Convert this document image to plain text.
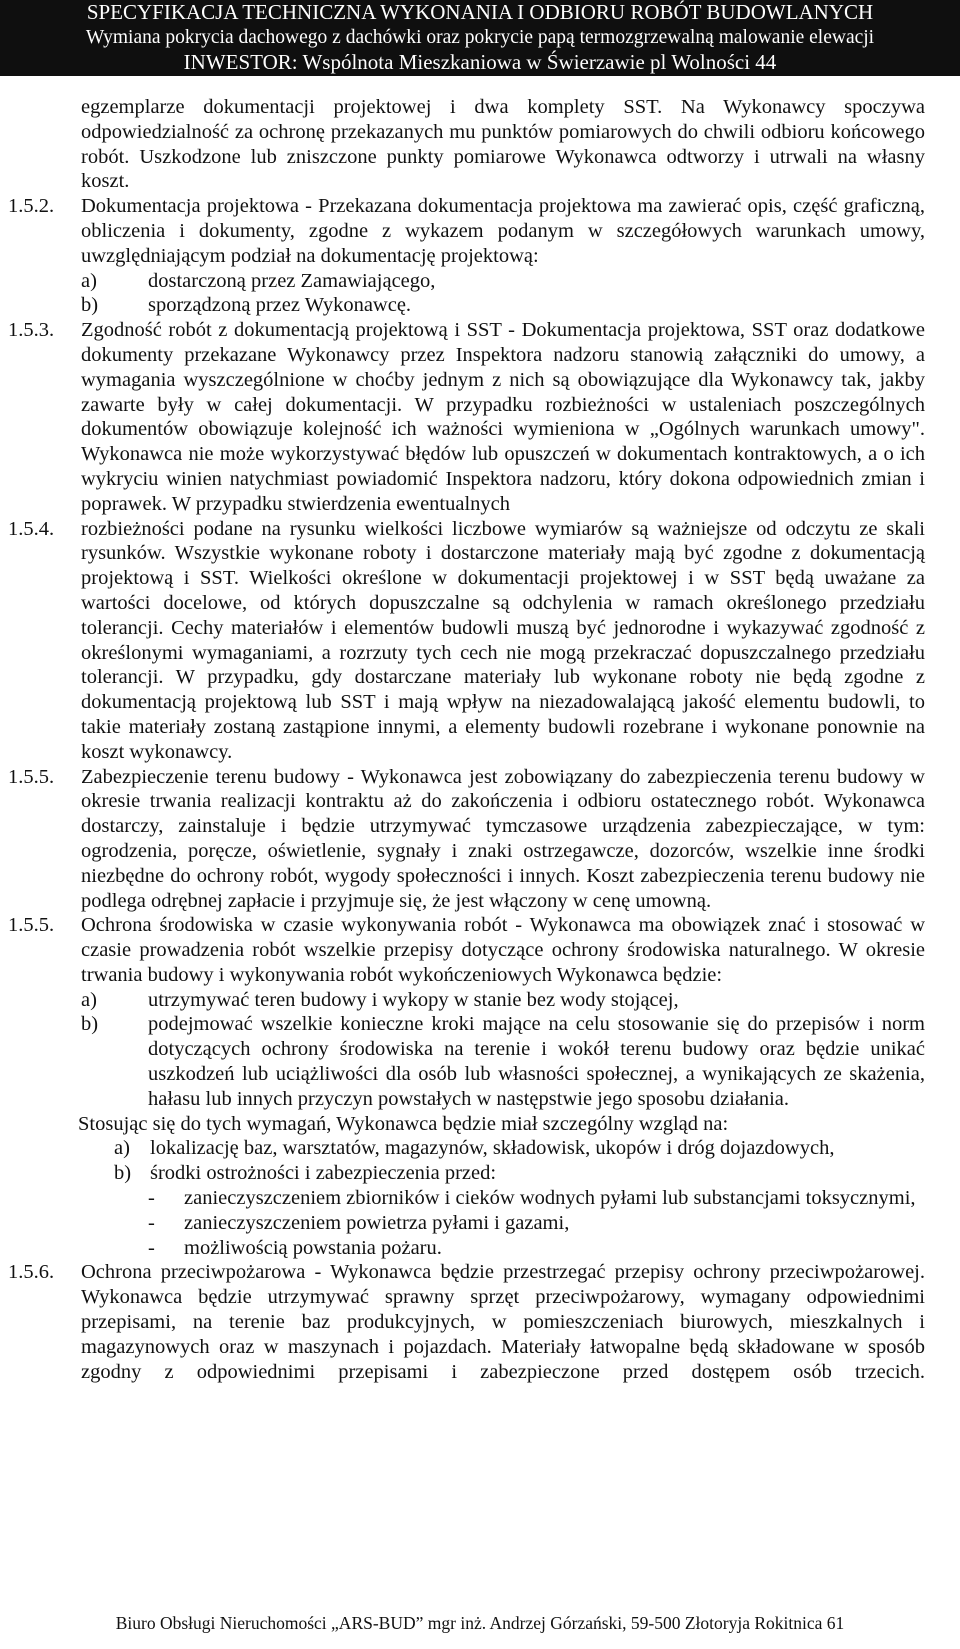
SPECYFIKACJA TECHNICZNA WYKONANIA I ODBIORU ROBÓT BUDOWLANYCH
Wymiana pokrycia dachowego z dachówki oraz pokrycie papą termozgrzewalną malowanie elewacji
INWESTOR: Wspólnota Mieszkaniowa w Świerzawie pl Wolności 44
egzemplarze dokumentacji projektowej i dwa komplety SST. Na Wykonawcy spoczywa odpowiedzialność za ochronę przekazanych mu punktów pomiarowych do chwili odbioru końcowego robót. Uszkodzone lub zniszczone punkty pomiarowe Wykonawca odtworzy i utrwali na własny koszt.
1.5.2. Dokumentacja projektowa - Przekazana dokumentacja projektowa ma zawierać opis, część graficzną, obliczenia i dokumenty, zgodne z wykazem podanym w szczegółowych warunkach umowy, uwzględniającym podział na dokumentację projektową:
a) dostarczoną przez Zamawiającego,
b) sporządzoną przez Wykonawcę.
1.5.3. Zgodność robót z dokumentacją projektową i SST - Dokumentacja projektowa, SST oraz dodatkowe dokumenty przekazane Wykonawcy przez Inspektora nadzoru stanowią załączniki do umowy, a wymagania wyszczególnione w choćby jednym z nich są obowiązujące dla Wykonawcy tak, jakby zawarte były w całej dokumentacji. W przypadku rozbieżności w ustaleniach poszczególnych dokumentów obowiązuje kolejność ich ważności wymieniona w „Ogólnych warunkach umowy". Wykonawca nie może wykorzystywać błędów lub opuszczeń w dokumentach kontraktowych, a o ich wykryciu winien natychmiast powiadomić Inspektora nadzoru, który dokona odpowiednich zmian i poprawek. W przypadku stwierdzenia ewentualnych
1.5.4. rozbieżności podane na rysunku wielkości liczbowe wymiarów są ważniejsze od odczytu ze skali rysunków. Wszystkie wykonane roboty i dostarczone materiały mają być zgodne z dokumentacją projektową i SST. Wielkości określone w dokumentacji projektowej i w SST będą uważane za wartości docelowe, od których dopuszczalne są odchylenia w ramach określonego przedziału tolerancji. Cechy materiałów i elementów budowli muszą być jednorodne i wykazywać zgodność z określonymi wymaganiami, a rozrzuty tych cech nie mogą przekraczać dopuszczalnego przedziału tolerancji. W przypadku, gdy dostarczane materiały lub wykonane roboty nie będą zgodne z dokumentacją projektową lub SST i mają wpływ na niezadowalającą jakość elementu budowli, to takie materiały zostaną zastąpione innymi, a elementy budowli rozebrane i wykonane ponownie na koszt wykonawcy.
1.5.5. Zabezpieczenie terenu budowy - Wykonawca jest zobowiązany do zabezpieczenia terenu budowy w okresie trwania realizacji kontraktu aż do zakończenia i odbioru ostatecznego robót. Wykonawca dostarczy, zainstaluje i będzie utrzymywać tymczasowe urządzenia zabezpieczające, w tym: ogrodzenia, poręcze, oświetlenie, sygnały i znaki ostrzegawcze, dozorców, wszelkie inne środki niezbędne do ochrony robót, wygody społeczności i innych. Koszt zabezpieczenia terenu budowy nie podlega odrębnej zapłacie i przyjmuje się, że jest włączony w cenę umowną.
1.5.5. Ochrona środowiska w czasie wykonywania robót - Wykonawca ma obowiązek znać i stosować w czasie prowadzenia robót wszelkie przepisy dotyczące ochrony środowiska naturalnego. W okresie trwania budowy i wykonywania robót wykończeniowych Wykonawca będzie:
a) utrzymywać teren budowy i wykopy w stanie bez wody stojącej,
b) podejmować wszelkie konieczne kroki mające na celu stosowanie się do przepisów i norm dotyczących ochrony środowiska na terenie i wokół terenu budowy oraz będzie unikać uszkodzeń lub uciążliwości dla osób lub własności społecznej, a wynikających ze skażenia, hałasu lub innych przyczyn powstałych w następstwie jego sposobu działania.
Stosując się do tych wymagań, Wykonawca będzie miał szczególny wzgląd na:
a) lokalizację baz, warsztatów, magazynów, składowisk, ukopów i dróg dojazdowych,
b) środki ostrożności i zabezpieczenia przed:
-	zanieczyszczeniem zbiorników i cieków wodnych pyłami lub substancjami toksycznymi,
-	zanieczyszczeniem powietrza pyłami i gazami,
-	możliwością powstania pożaru.
1.5.6. Ochrona przeciwpożarowa - Wykonawca będzie przestrzegać przepisy ochrony przeciwpożarowej. Wykonawca będzie utrzymywać sprawny sprzęt przeciwpożarowy, wymagany odpowiednimi przepisami, na terenie baz produkcyjnych, w pomieszczeniach biurowych, mieszkalnych i magazynowych oraz w maszynach i pojazdach. Materiały łatwopalne będą składowane w sposób zgodny z odpowiednimi przepisami i zabezpieczone przed dostępem osób trzecich.
Biuro Obsługi Nieruchomości „ARS-BUD” mgr inż. Andrzej Górzański, 59-500 Złotoryja Rokitnica 61
